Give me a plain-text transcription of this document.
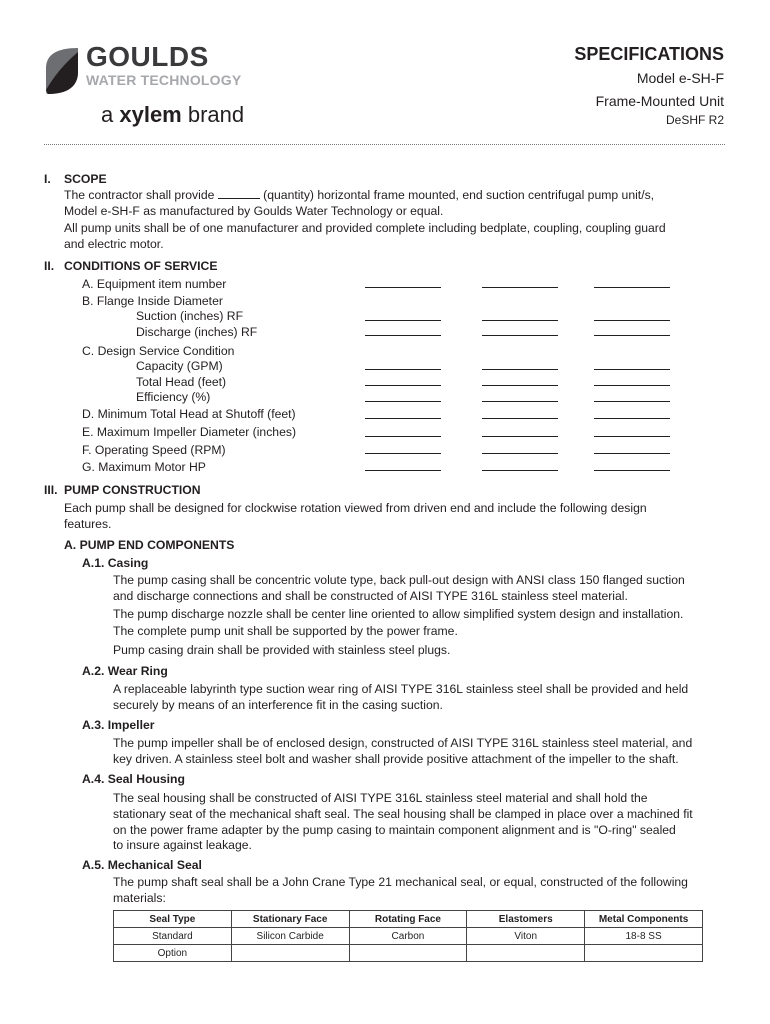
GOULDS
WATER TECHNOLOGY
a xylem brand
SPECIFICATIONS
Model e-SH-F
Frame-Mounted Unit
DeSHF R2
I. SCOPE
The contractor shall provide	(quantity) horizontal frame mounted, end suction centrifugal pump unit/s,
Model e-SH-F as manufactured by Goulds Water Technology or equal.
All pump units shall be of one manufacturer and provided complete including bedplate, coupling, coupling guard
and electric motor.
II. CONDITIONS OF SERVICE
A. Equipment item number
B. Flange Inside Diameter
Suction (inches) RF
Discharge (inches) RF
C. Design Service Condition
Capacity (GPM)
Total Head (feet)
Efficiency (%)
D. Minimum Total Head at Shutoff (feet)
E. Maximum Impeller Diameter (inches)
F. Operating Speed (RPM)
G. Maximum Motor HP
III. PUMP CONSTRUCTION
Each pump shall be designed for clockwise rotation viewed from driven end and include the following design
features.
A. PUMP END COMPONENTS
A.1. Casing
The pump casing shall be concentric volute type, back pull-out design with ANSI class 150 flanged suction
and discharge connections and shall be constructed of AISI TYPE 316L stainless steel material.
The pump discharge nozzle shall be center line oriented to allow simplified system design and installation.
The complete pump unit shall be supported by the power frame.
Pump casing drain shall be provided with stainless steel plugs.
A.2. Wear Ring
A replaceable labyrinth type suction wear ring of AISI TYPE 316L stainless steel shall be provided and held
securely by means of an interference fit in the casing suction.
A.3. Impeller
The pump impeller shall be of enclosed design, constructed of AISI TYPE 316L stainless steel material, and
key driven. A stainless steel bolt and washer shall provide positive attachment of the impeller to the shaft.
A.4. Seal Housing
The seal housing shall be constructed of AISI TYPE 316L stainless steel material and shall hold the
stationary seat of the mechanical shaft seal. The seal housing shall be clamped in place over a machined fit
on the power frame adapter by the pump casing to maintain component alignment and is "O-ring" sealed
to insure against leakage.
A.5. Mechanical Seal
The pump shaft seal shall be a John Crane Type 21 mechanical seal, or equal, constructed of the following
materials:
Seal Type	Stationary Face	Rotating Face	Elastomers	Metal Components
Standard	Silicon Carbide	Carbon	Viton	18-8 SS
Option				
